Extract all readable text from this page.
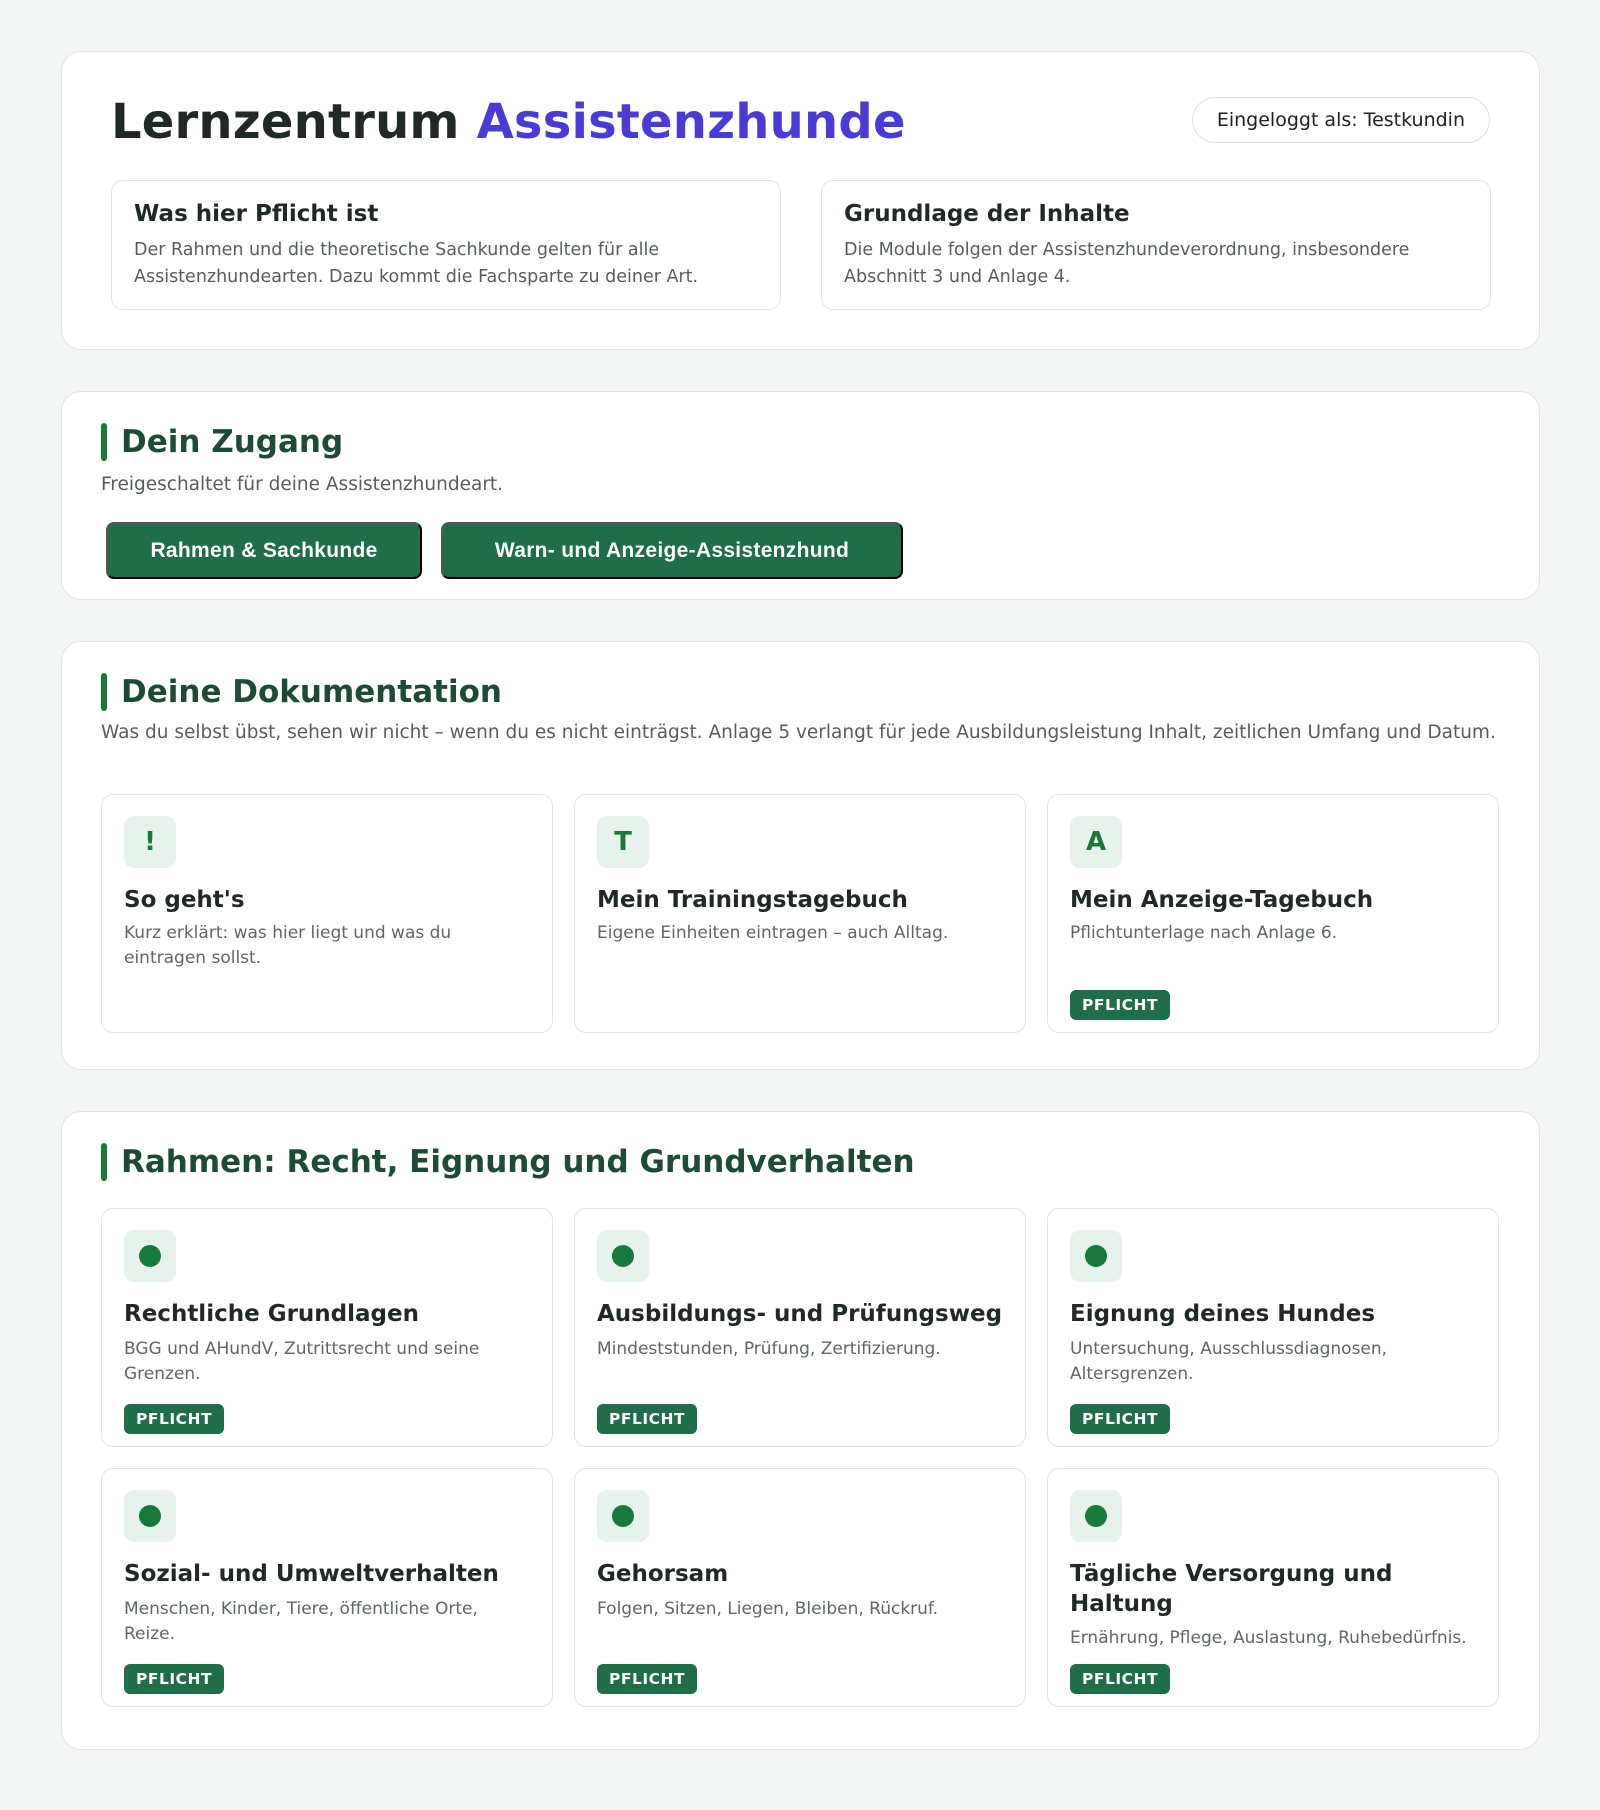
Lernzentrum Assistenzhunde	Eingeloggt als: Testkundin
Was hier Pflicht ist

Der Rahmen und die theoretische Sachkunde gelten für alle Assistenzhundearten. Dazu kommt die Fachsparte zu deiner Art.

Grundlage der Inhalte

Die Module folgen der Assistenzhundeverordnung, insbesondere Abschnitt 3 und Anlage 4.

Dein Zugang

Freigeschaltet für deine Assistenzhundeart.

Rahmen & Sachkunde	Warn- und Anzeige-Assistenzhund
Deine Dokumentation

Was du selbst übst, sehen wir nicht – wenn du es nicht einträgst. Anlage 5 verlangt für jede Ausbildungsleistung Inhalt, zeitlichen Umfang und Datum.

!
So geht's

Kurz erklärt: was hier liegt und was du eintragen sollst.

T
Mein Trainingstagebuch

Eigene Einheiten eintragen – auch Alltag.

A
Mein Anzeige-Tagebuch

Pflichtunterlage nach Anlage 6.

PFLICHT
Rahmen: Recht, Eignung und Grundverhalten
Rechtliche Grundlagen

BGG und AHundV, Zutrittsrecht und seine Grenzen.

PFLICHT
Ausbildungs- und Prüfungsweg

Mindeststunden, Prüfung, Zertifizierung.

PFLICHT
Eignung deines Hundes

Untersuchung, Ausschlussdiagnosen, Altersgrenzen.

PFLICHT
Sozial- und Umweltverhalten

Menschen, Kinder, Tiere, öffentliche Orte, Reize.

PFLICHT
Gehorsam

Folgen, Sitzen, Liegen, Bleiben, Rückruf.

PFLICHT
Tägliche Versorgung und Haltung

Ernährung, Pflege, Auslastung, Ruhebedürfnis.

PFLICHT
